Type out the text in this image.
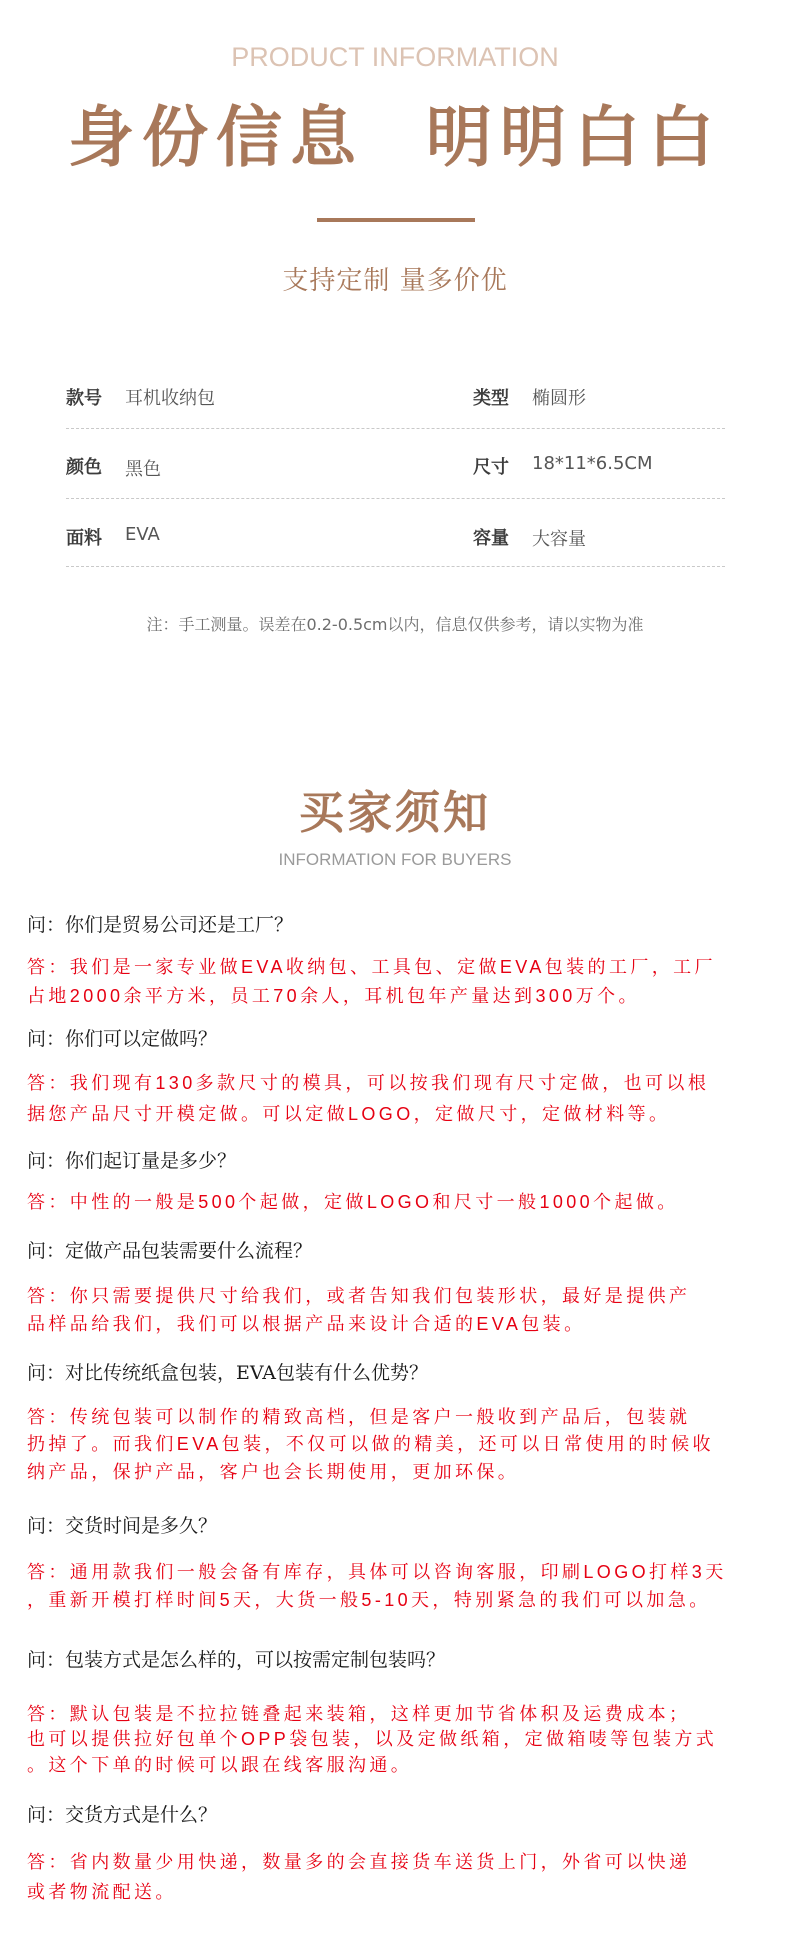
PRODUCT INFORMATION
身份信息  明明白白
支持定制 量多价优
款号 耳机收纳包	类型 椭圆形
颜色 黑色	尺寸 18*11*6.5CM
面料 EVA	容量 大容量
注：手工测量。误差在0.2-0.5cm以内，信息仅供参考，请以实物为准
买家须知
INFORMATION FOR BUYERS
问：你们是贸易公司还是工厂？
答：我们是一家专业做EVA收纳包、工具包、定做EVA包装的工厂，工厂
占地2000余平方米，员工70余人，耳机包年产量达到300万个。
问：你们可以定做吗？
答：我们现有130多款尺寸的模具，可以按我们现有尺寸定做，也可以根
据您产品尺寸开模定做。可以定做LOGO，定做尺寸，定做材料等。
问：你们起订量是多少？
答：中性的一般是500个起做，定做LOGO和尺寸一般1000个起做。
问：定做产品包装需要什么流程？
答：你只需要提供尺寸给我们，或者告知我们包装形状，最好是提供产
品样品给我们，我们可以根据产品来设计合适的EVA包装。
问：对比传统纸盒包装，EVA包装有什么优势？
答：传统包装可以制作的精致高档，但是客户一般收到产品后，包装就
扔掉了。而我们EVA包装，不仅可以做的精美，还可以日常使用的时候收
纳产品，保护产品，客户也会长期使用，更加环保。
问：交货时间是多久？
答：通用款我们一般会备有库存，具体可以咨询客服，印刷LOGO打样3天
，重新开模打样时间5天，大货一般5-10天，特别紧急的我们可以加急。
问：包装方式是怎么样的，可以按需定制包装吗？
答：默认包装是不拉拉链叠起来装箱，这样更加节省体积及运费成本；
也可以提供拉好包单个OPP袋包装，以及定做纸箱，定做箱唛等包装方式
。这个下单的时候可以跟在线客服沟通。
问：交货方式是什么？
答：省内数量少用快递，数量多的会直接货车送货上门，外省可以快递
或者物流配送。
